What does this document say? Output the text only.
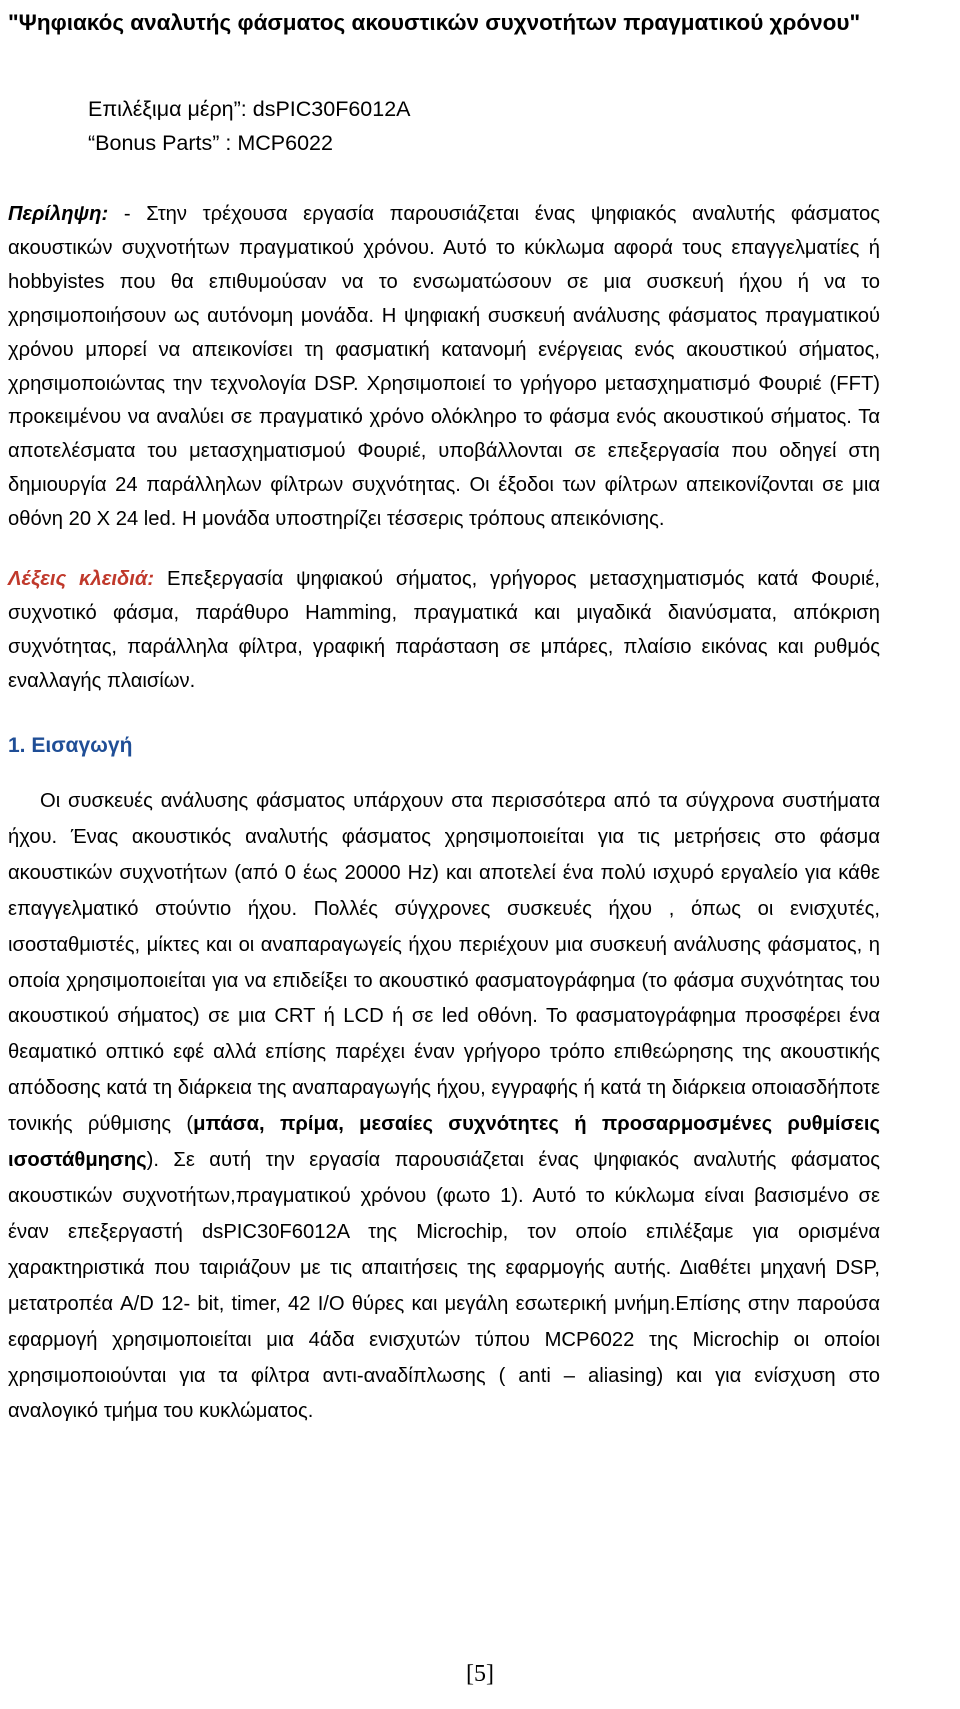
"Ψηφιακός αναλυτής φάσματος ακουστικών συχνοτήτων πραγματικού χρόνου"
Επιλέξιμα μέρη”: dsPIC30F6012A
“Bonus Parts” : MCP6022
Περίληψη: - Στην τρέχουσα εργασία παρουσιάζεται ένας ψηφιακός αναλυτής φάσματος ακουστικών συχνοτήτων πραγματικού χρόνου. Αυτό το κύκλωμα αφορά τους επαγγελματίες ή hobbyistes που θα επιθυμούσαν να το ενσωματώσουν σε μια συσκευή ήχου ή να το χρησιμοποιήσουν ως αυτόνομη μονάδα. Η ψηφιακή συσκευή ανάλυσης φάσματος πραγματικού χρόνου μπορεί να απεικονίσει τη φασματική κατανομή ενέργειας ενός ακουστικού σήματος, χρησιμοποιώντας την τεχνολογία DSP. Χρησιμοποιεί το γρήγορο μετασχηματισμό Φουριέ (FFT) προκειμένου να αναλύει σε πραγματικό χρόνο ολόκληρο το φάσμα ενός ακουστικού σήματος. Τα αποτελέσματα του μετασχηματισμού Φουριέ, υποβάλλονται σε επεξεργασία που οδηγεί στη δημιουργία 24 παράλληλων φίλτρων συχνότητας. Οι έξοδοι των φίλτρων απεικονίζονται σε μια οθόνη 20 Χ 24 led. Η μονάδα υποστηρίζει τέσσερις τρόπους απεικόνισης.
Λέξεις κλειδιά: Επεξεργασία ψηφιακού σήματος, γρήγορος μετασχηματισμός κατά Φουριέ, συχνοτικό φάσμα, παράθυρο Hamming, πραγματικά και μιγαδικά διανύσματα, απόκριση συχνότητας, παράλληλα φίλτρα, γραφική παράσταση σε μπάρες, πλαίσιο εικόνας και ρυθμός εναλλαγής πλαισίων.
1. Εισαγωγή
Οι συσκευές ανάλυσης φάσματος υπάρχουν στα περισσότερα από τα σύγχρονα συστήματα ήχου. Ένας ακουστικός αναλυτής φάσματος χρησιμοποιείται για τις μετρήσεις στο φάσμα ακουστικών συχνοτήτων (από 0 έως 20000 Hz) και αποτελεί ένα πολύ ισχυρό εργαλείο για κάθε επαγγελματικό στούντιο ήχου. Πολλές σύγχρονες συσκευές ήχου , όπως οι ενισχυτές, ισοσταθμιστές, μίκτες και οι αναπαραγωγείς ήχου περιέχουν μια συσκευή ανάλυσης φάσματος, η οποία χρησιμοποιείται για να επιδείξει το ακουστικό φασματογράφημα (το φάσμα συχνότητας του ακουστικού σήματος) σε μια CRT ή LCD ή σε led οθόνη. Το φασματογράφημα προσφέρει ένα θεαματικό οπτικό εφέ αλλά επίσης παρέχει έναν γρήγορο τρόπο επιθεώρησης της ακουστικής απόδοσης κατά τη διάρκεια της αναπαραγωγής ήχου, εγγραφής ή κατά τη διάρκεια οποιασδήποτε τονικής ρύθμισης (μπάσα, πρίμα, μεσαίες συχνότητες ή προσαρμοσμένες ρυθμίσεις ισοστάθμησης). Σε αυτή την εργασία παρουσιάζεται ένας ψηφιακός αναλυτής φάσματος ακουστικών συχνοτήτων,πραγματικού χρόνου (φωτο 1). Αυτό το κύκλωμα είναι βασισμένο σε έναν επεξεργαστή dsPIC30F6012A της Microchip, τον οποίο επιλέξαμε για ορισμένα χαρακτηριστικά που ταιριάζουν με τις απαιτήσεις της εφαρμογής αυτής. Διαθέτει μηχανή DSP, μετατροπέα A/D 12- bit, timer, 42 I/O θύρες και μεγάλη εσωτερική μνήμη.Επίσης στην παρούσα εφαρμογή χρησιμοποιείται μια 4άδα ενισχυτών τύπου MCP6022 της Microchip οι οποίοι χρησιμοποιούνται για τα φίλτρα αντι-αναδίπλωσης ( anti – aliasing) και για ενίσχυση στο αναλογικό τμήμα του κυκλώματος.
[5]
